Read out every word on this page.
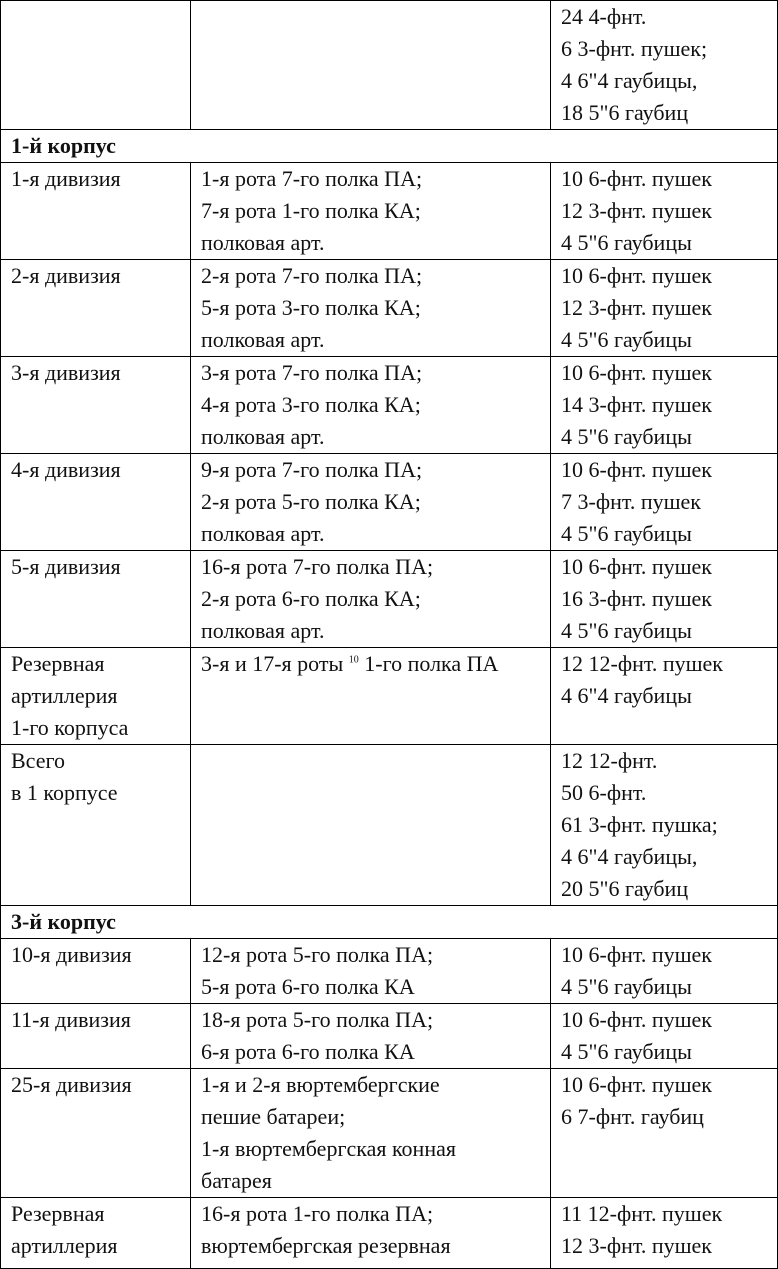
		24 4-фнт.
6 3-фнт. пушек;
4 6"4 гаубицы,
18 5"6 гаубиц

1-й корпус		
1-я дивизия	1-я рота 7-го полка ПА;
7-я рота 1-го полка КА;
полковая арт.	10 6-фнт. пушек
12 3-фнт. пушек
4 5"6 гаубицы

2-я дивизия	2-я рота 7-го полка ПА;
5-я рота 3-го полка КА;
полковая арт.	10 6-фнт. пушек
12 3-фнт. пушек
4 5"6 гаубицы

3-я дивизия	3-я рота 7-го полка ПА;
4-я рота 3-го полка КА;
полковая арт.	10 6-фнт. пушек
14 3-фнт. пушек
4 5"6 гаубицы

4-я дивизия	9-я рота 7-го полка ПА;
2-я рота 5-го полка КА;
полковая арт.	10 6-фнт. пушек
7 3-фнт. пушек
4 5"6 гаубицы

5-я дивизия	16-я рота 7-го полка ПА;
2-я рота 6-го полка КА;
полковая арт.	10 6-фнт. пушек
16 3-фнт. пушек
4 5"6 гаубицы

Резервная
артиллерия
1-го корпуса	3-я и 17-я роты $^{10}$ 1-го полка ПА	12 12-фнт. пушек
4 6"4 гаубицы

Всего
в 1 корпусе		12 12-фнт.
50 6-фнт.
61 3-фнт. пушка;
4 6"4 гаубицы,
20 5"6 гаубиц

3-й корпус		
10-я дивизия	12-я рота 5-го полка ПА;
5-я рота 6-го полка КА	10 6-фнт. пушек
4 5"6 гаубицы

11-я дивизия	18-я рота 5-го полка ПА;
6-я рота 6-го полка КА	10 6-фнт. пушек
4 5"6 гаубицы

25-я дивизия	1-я и 2-я вюртембергские
пешие батареи;
1-я вюртембергская конная
батарея	10 6-фнт. пушек
6 7-фнт. гаубиц

Резервная
артиллерия	16-я рота 1-го полка ПА;
вюртембергская резервная	11 12-фнт. пушек
12 3-фнт. пушек
